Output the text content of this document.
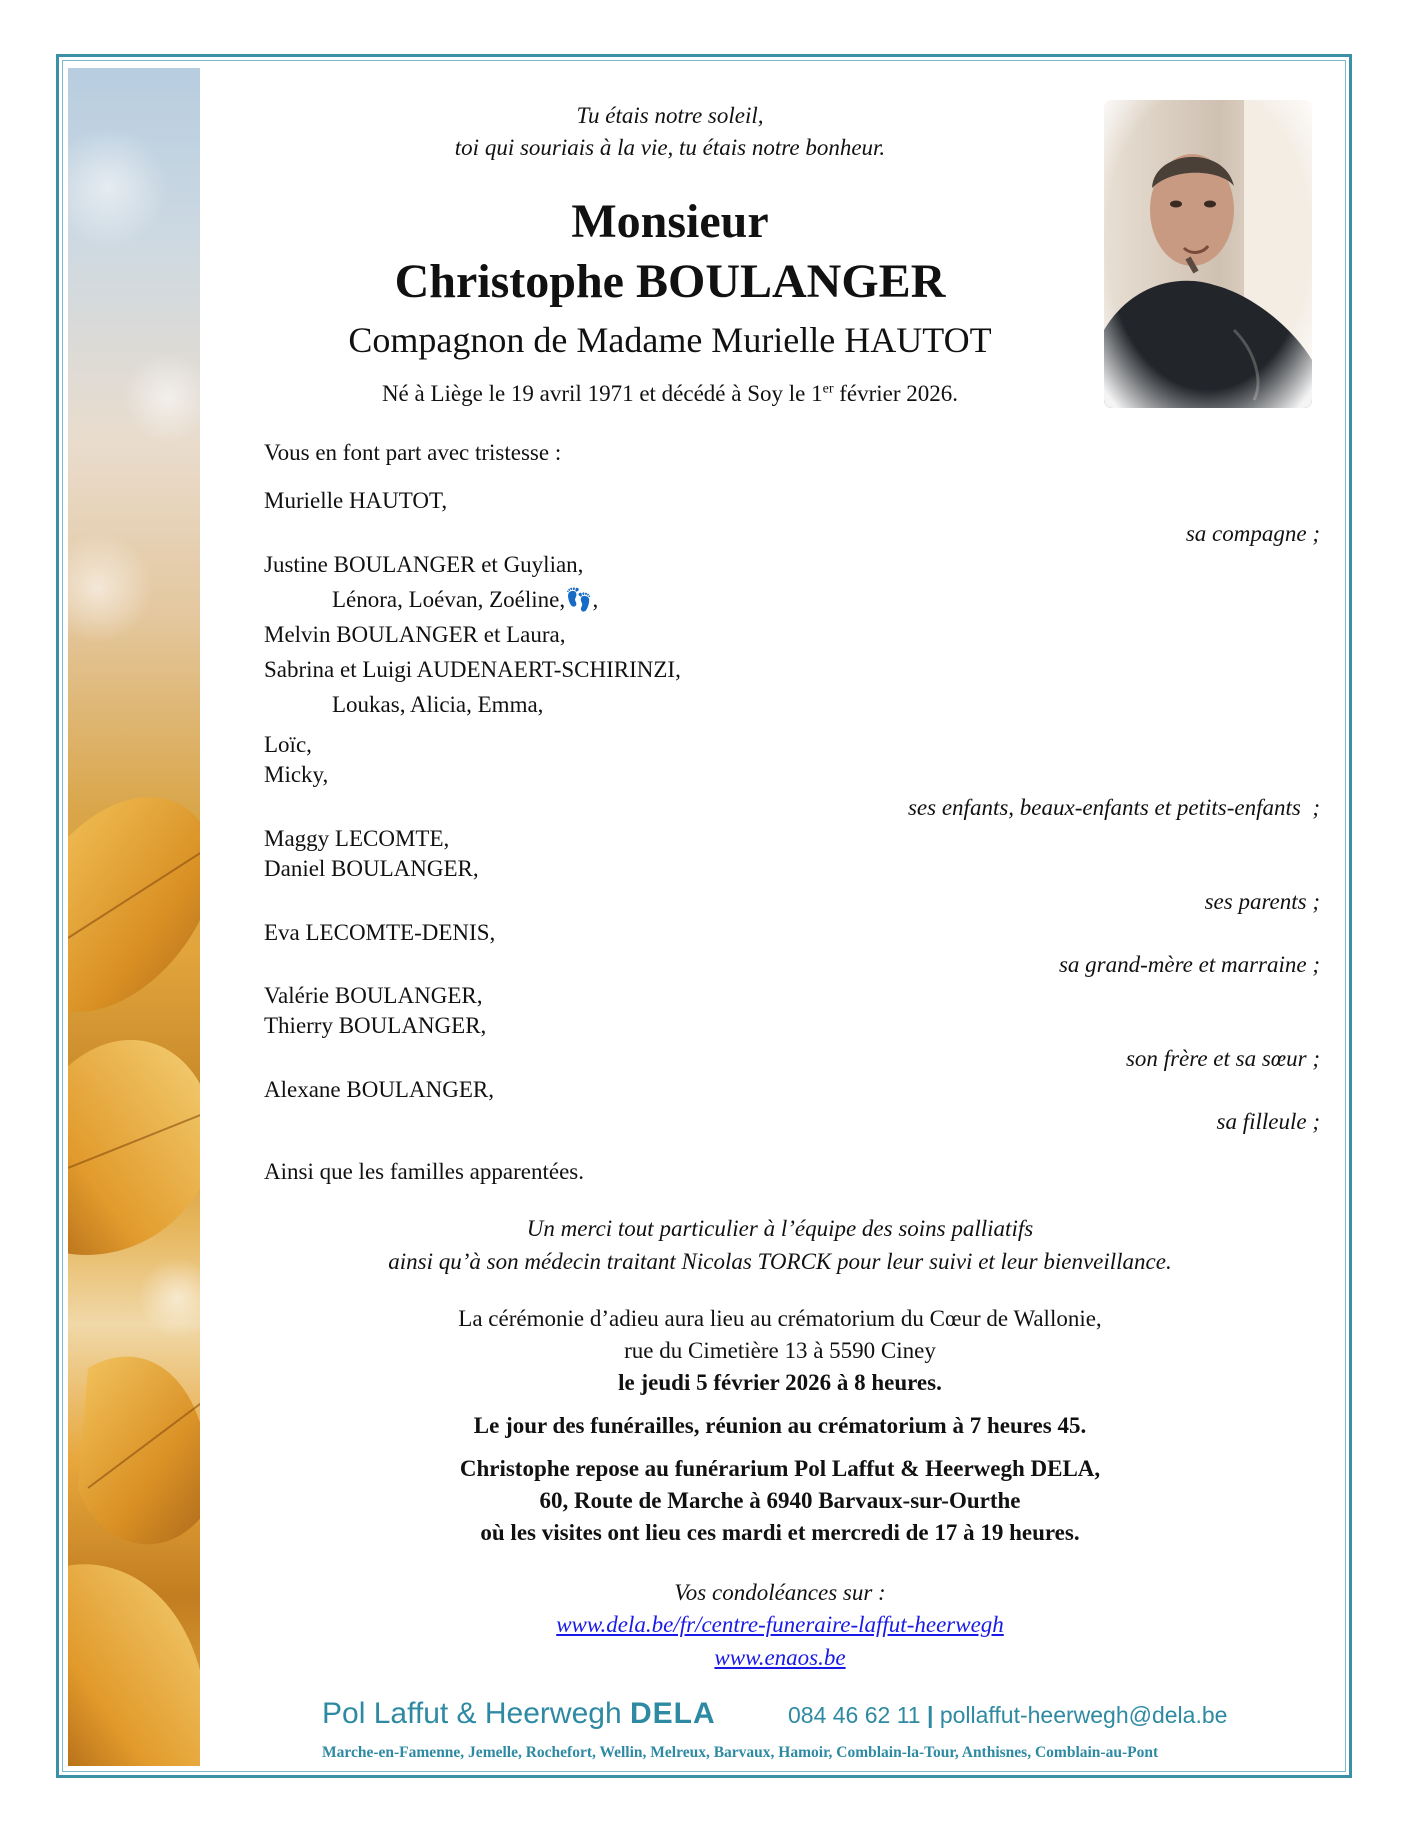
Tu étais notre soleil,
toi qui souriais à la vie, tu étais notre bonheur.
Monsieur
Christophe BOULANGER
Compagnon de Madame Murielle HAUTOT
Né à Liège le 19 avril 1971 et décédé à Soy le 1er février 2026.
Vous en font part avec tristesse :
Murielle HAUTOT,
sa compagne ;
Justine BOULANGER et Guylian,
Lénora, Loévan, Zoéline,👣,
Melvin BOULANGER et Laura,
Sabrina et Luigi AUDENAERT-SCHIRINZI,
Loukas, Alicia, Emma,
Loïc,
Micky,
ses enfants, beaux-enfants et petits-enfants  ;
Maggy LECOMTE,
Daniel BOULANGER,
ses parents ;
Eva LECOMTE-DENIS,
sa grand-mère et marraine ;
Valérie BOULANGER,
Thierry BOULANGER,
son frère et sa sœur ;
Alexane BOULANGER,
sa filleule ;
Ainsi que les familles apparentées.
Un merci tout particulier à l’équipe des soins palliatifs
ainsi qu’à son médecin traitant Nicolas TORCK pour leur suivi et leur bienveillance.
La cérémonie d’adieu aura lieu au crématorium du Cœur de Wallonie,
rue du Cimetière 13 à 5590 Ciney
le jeudi 5 février 2026 à 8 heures.
Le jour des funérailles, réunion au crématorium à 7 heures 45.
Christophe repose au funérarium Pol Laffut & Heerwegh DELA,
60, Route de Marche à 6940 Barvaux-sur-Ourthe
où les visites ont lieu ces mardi et mercredi de 17 à 19 heures.
Vos condoléances sur :
www.dela.be/fr/centre-funeraire-laffut-heerwegh
www.enaos.be
Pol Laffut & Heerwegh DELA	084 46 62 11 | pollaffut-heerwegh@dela.be
Marche-en-Famenne, Jemelle, Rochefort, Wellin, Melreux, Barvaux, Hamoir, Comblain-la-Tour, Anthisnes, Comblain-au-Pont
